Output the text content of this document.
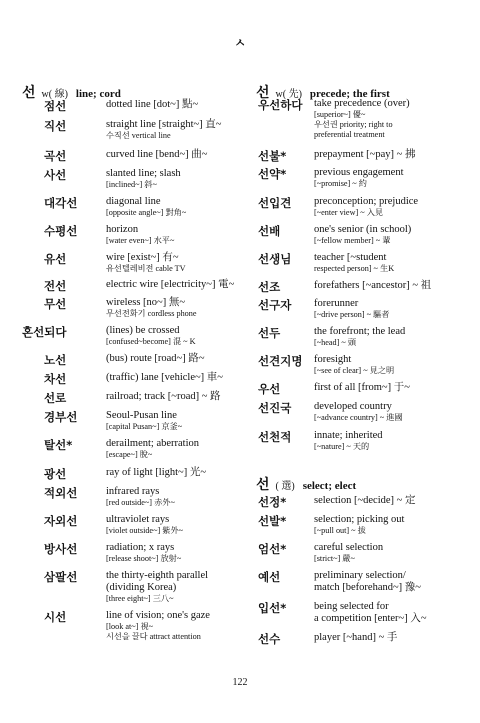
ㅅ
선 w( 線) line; cord
점선	dotted line [dot~] 點~
직선	straight line [straight~] 直~
수직선 vertical line
곡선	curved line [bend~] 曲~
사선	slanted line; slash
[inclined~] 斜~
대각선	diagonal line
[opposite angle~] 對角~
수평선	horizon
[water even~] 水平~
유선	wire [exist~] 有~
유선텔레비전 cable TV
전선	electric wire [electricity~] 電~
무선	wireless [no~] 無~
무선전화기 cordless phone
혼선되다	(lines) be crossed
[confused~become] 混 ~ K
노선	(bus) route [road~] 路~
차선	(traffic) lane [vehicle~] 車~
선로	railroad; track [~road] ~ 路
경부선	Seoul-Pusan line
[capital Pusan~] 京釜~
탈선*	derailment; aberration
[escape~] 脫~
광선	ray of light [light~] 光~
적외선	infrared rays
[red outside~] 赤外~
자외선	ultraviolet rays
[violet outside~] 紫外~
방사선	radiation; x rays
[release shoot~] 放射~
삼팔선	the thirty-eighth parallel
(dividing Korea)
[three eight~] 三八~
시선	line of vision; one's gaze
[look at~] 視~
시선을 끌다 attract attention
선 w( 先) precede; the first
우선하다 take precedence (over)
[superior~] 優~
우선권 priority; right to
preferential treatment
선불*	prepayment [~pay] ~ 拂
선약*	previous engagement
[~promise] ~ 約
선입견 preconception; prejudice
[~enter view] ~ 入見
선배	one's senior (in school)
[~fellow member] ~ 輩
선생님 teacher [~student
respected person] ~ 生K
선조	forefathers [~ancestor] ~ 祖
선구자 forerunner
[~drive person] ~ 驅者
선두	the forefront; the lead
[~head] ~ 頭
선견지명 foresight
[~see of clear] ~ 見之明
우선	first of all [from~] 于~
선진국 developed country
[~advance country] ~ 進國
선천적 innate; inherited
[~nature] ~ 天的
선 ( 選) select; elect
선정*	selection [~decide] ~ 定
선발*	selection; picking out
[~pull out] ~ 拔
엄선*	careful selection
[strict~] 嚴~
예선	preliminary selection/
match [beforehand~] 豫~
입선*	being selected for
a competition [enter~] 入~
선수	player [~hand] ~ 手
122
